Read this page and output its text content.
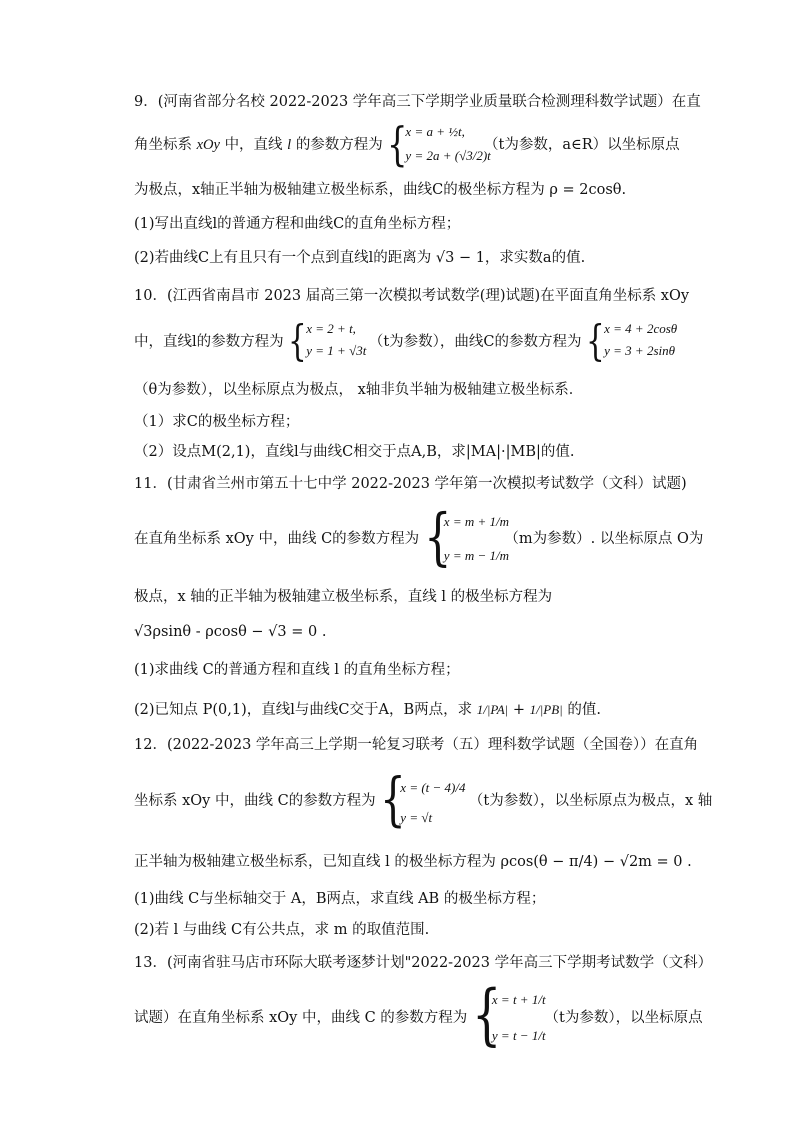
9．(河南省部分名校 2022-2023 学年高三下学期学业质量联合检测理科数学试题）在直
角坐标系 xOy 中，直线 l 的参数方程为 {
x = a + ½t,
y = 2a + (√3/2)t
（t为参数，a∈R）以坐标原点
为极点，x轴正半轴为极轴建立极坐标系，曲线C的极坐标方程为 ρ = 2cosθ.
(1)写出直线l的普通方程和曲线C的直角坐标方程；
(2)若曲线C上有且只有一个点到直线l的距离为 √3 − 1，求实数a的值.
10．(江西省南昌市 2023 届高三第一次模拟考试数学(理)试题)在平面直角坐标系 xOy
中，直线l的参数方程为 { x = 2 + t,
y = 1 + √3t
（t为参数），曲线C的参数方程为 { x = 4 + 2cosθ
y = 3 + 2sinθ
（θ为参数），以坐标原点为极点， x轴非负半轴为极轴建立极坐标系．
（1）求C的极坐标方程；
（2）设点M(2,1)，直线l与曲线C相交于点A,B，求|MA|·|MB|的值.
11．(甘肃省兰州市第五十七中学 2022-2023 学年第一次模拟考试数学（文科）试题)
在直角坐标系 xOy 中，曲线 C的参数方程为 {
x = m + 1/m
y = m − 1/m
（m为参数）. 以坐标原点 O为
极点，x 轴的正半轴为极轴建立极坐标系，直线 l 的极坐标方程为
√3ρsinθ - ρcosθ − √3 = 0 .
(1)求曲线 C的普通方程和直线 l 的直角坐标方程；
(2)已知点 P(0,1)，直线l与曲线C交于A，B两点，求 1/|PA| + 1/|PB| 的值.
12．(2022-2023 学年高三上学期一轮复习联考（五）理科数学试题（全国卷））在直角
坐标系 xOy 中，曲线 C的参数方程为 {
x = (t − 4)/4
y = √t
（t为参数），以坐标原点为极点，x 轴
正半轴为极轴建立极坐标系，已知直线 l 的极坐标方程为 ρcos(θ − π/4) − √2m = 0 .
(1)曲线 C与坐标轴交于 A，B两点，求直线 AB 的极坐标方程；
(2)若 l 与曲线 C有公共点，求 m 的取值范围.
13．(河南省驻马店市环际大联考逐梦计划"2022-2023 学年高三下学期考试数学（文科）
试题）在直角坐标系 xOy 中，曲线 C 的参数方程为 {
x = t + 1/t
y = t − 1/t
（t为参数），以坐标原点
